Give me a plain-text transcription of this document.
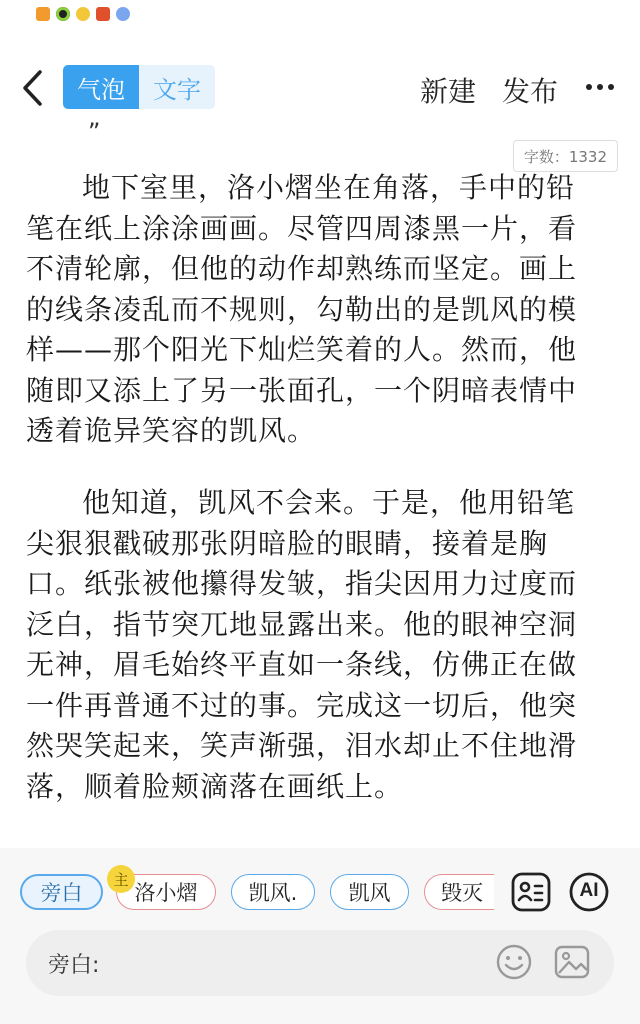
气泡	文字	新建 发布
”
字数：1332

地下室里，洛小熠坐在角落，手中的铅笔在纸上涂涂画画。尽管四周漆黑一片，看不清轮廓，但他的动作却熟练而坚定。画上的线条凌乱而不规则，勾勒出的是凯风的模样——那个阳光下灿烂笑着的人。然而，他随即又添上了另一张面孔，一个阴暗表情中透着诡异笑容的凯风。

他知道，凯风不会来。于是，他用铅笔尖狠狠戳破那张阴暗脸的眼睛，接着是胸口。纸张被他攥得发皱，指尖因用力过度而泛白，指节突兀地显露出来。他的眼神空洞无神，眉毛始终平直如一条线，仿佛正在做一件再普通不过的事。完成这一切后，他突然哭笑起来，笑声渐强，泪水却止不住地滑落，顺着脸颊滴落在画纸上。

旁白
主
洛小熠	凯风.	凯风	毁灭	AI
旁白:
